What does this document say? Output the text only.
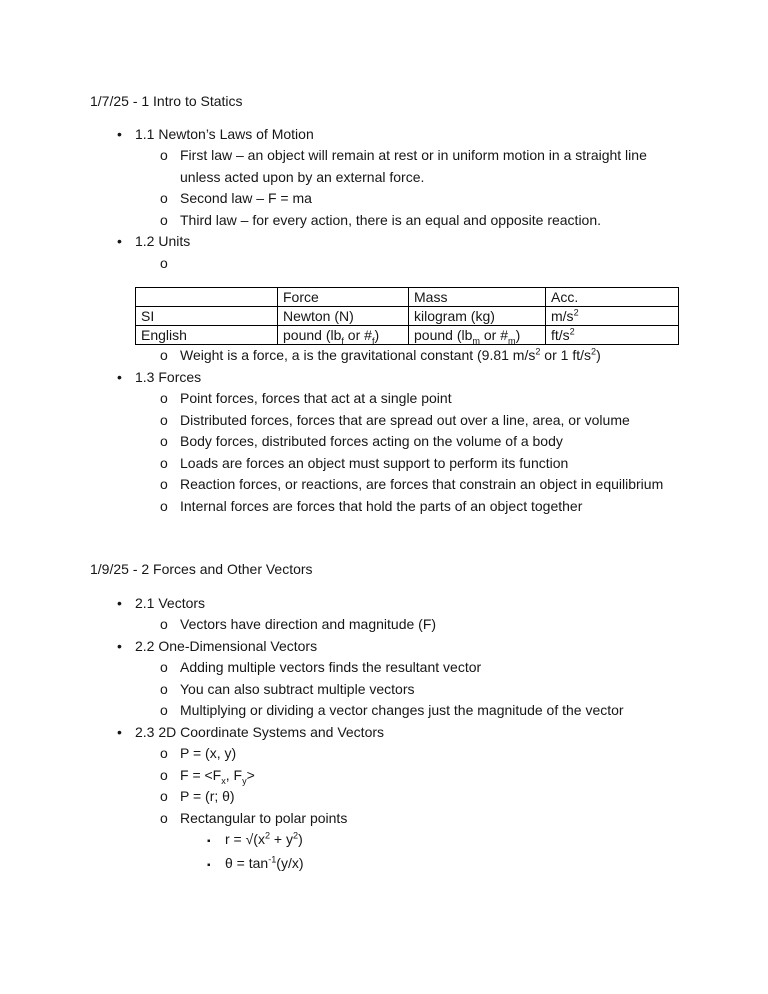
1/7/25 - 1 Intro to Statics

• 1.1 Newton’s Laws of Motion
o First law – an object will remain at rest or in uniform motion in a straight line unless acted upon by an external force.
o Second law – F = ma
o Third law – for every action, there is an equal and opposite reaction.
• 1.2 Units
o
	Force	Mass	Acc.
SI	Newton (N)	kilogram (kg)	$m/s^2$
English	pound ($lb_f$ or $\#_f$)	pound ($lb_m$ or $\#_m$)	$ft/s^2$
o Weight is a force, a is the gravitational constant (9.81 $m/s^2$ or 1 $ft/s^2$)
• 1.3 Forces
o Point forces, forces that act at a single point
o Distributed forces, forces that are spread out over a line, area, or volume
o Body forces, distributed forces acting on the volume of a body
o Loads are forces an object must support to perform its function
o Reaction forces, or reactions, are forces that constrain an object in equilibrium
o Internal forces are forces that hold the parts of an object together

1/9/25 - 2 Forces and Other Vectors

• 2.1 Vectors
o Vectors have direction and magnitude (F)
• 2.2 One-Dimensional Vectors
o Adding multiple vectors finds the resultant vector
o You can also subtract multiple vectors
o Multiplying or dividing a vector changes just the magnitude of the vector
• 2.3 2D Coordinate Systems and Vectors
o P = (x, y)
o $F = <F_x$, $F_y>$
o P = (r; θ)
o Rectangular to polar points
▪	$r = √(x^2 + y^2)$
▪	$\theta = \tan^{-1}(y/x)$
